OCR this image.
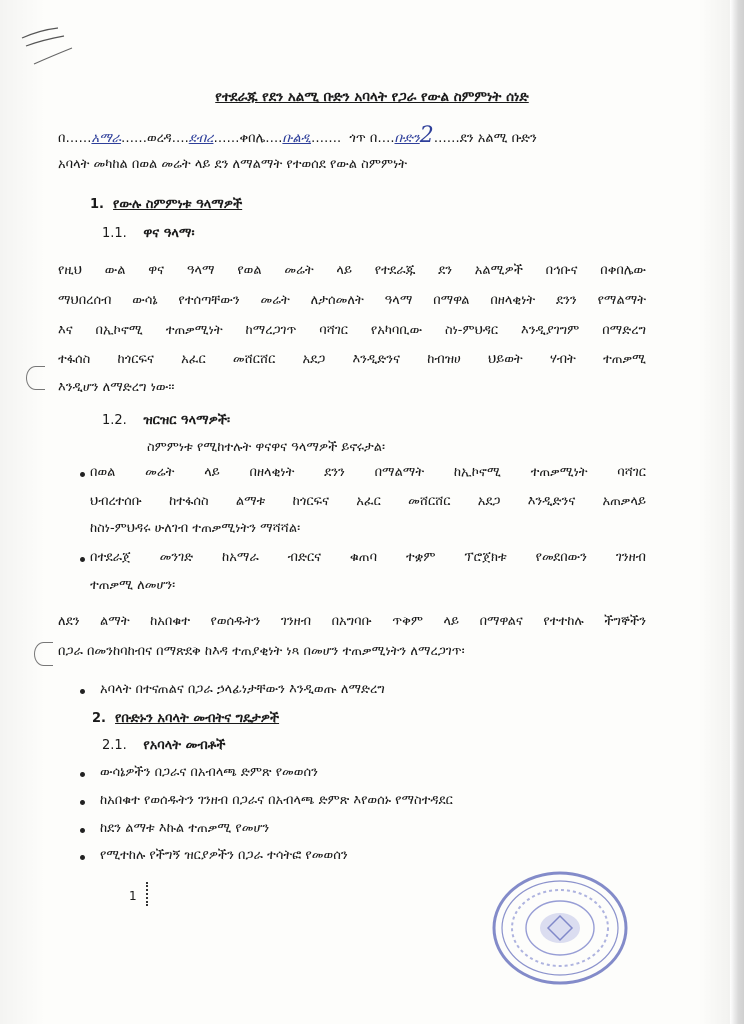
የተደራጁ የደን አልሚ ቡድን አባላት የጋራ የውል ስምምነት ሰነድ
በ……አማራ……ወረዳ….ደብረ……ቀበሌ….ቡልዲ…….  ጎጥ በ….ቡድን2……ደን አልሚ ቡድን
አባላት መካከል በወል መሬት ላይ ደን ለማልማት የተወሰደ የውል ስምምነት
1. የውሉ ስምምነቱ ዓላማዎች
1.1. ዋና ዓላማ፡
የዚህ ውል ዋና ዓላማ የወል መሬት ላይ የተደራጁ ደን አልሚዎች በኅቡና በቀበሌው
ማህበረሰብ ውሳኔ የተሰጣቸውን መሬት ለታሰመለት ዓላማ በማዋል በዘላቂነት ደንን የማልማት
እና በኢኮኖሚ ተጠቃሚነት ከማረጋገጥ ባሻገር የአካባቢው ስነ-ምህዳር እንዲያገግም በማድረግ
ተፋሰስ ከጎርፍና አፈር መሸርሸር አደጋ እንዲድንና ከብዝሀ ህይወት ሃብት ተጠቃሚ
እንዲሆን ለማድረግ ነው፡፡
1.2. ዝርዝር ዓላማዎች፡
ስምምነቱ የሚከተሉት ዋናዋና ዓላማዎች ይኖሩታል፡
በወል መሬት ላይ በዘላቂነት ደንን በማልማት ከኢኮኖሚ ተጠቃሚነት ባሻገር
ህብረተሰቡ ከተፋሰስ ልማቱ ከጎርፍና አፈር መሸርሸር አደጋ እንዲድንና አጠቃላይ
ከስነ-ምህዳሩ ሁለገብ ተጠቃሚነትን ማሻሻል፡
በተደራጀ መንገድ ከአማራ ብድርና ቁጠባ ተቋም ፕሮጀክቱ የመደበውን ገንዘብ
ተጠቃሚ ለመሆን፡
ለደን ልማት ከአበቁተ የወሰዱትን ገንዘብ በአግባቡ ጥቅም ላይ በማዋልና የተተከሉ ችግኞችን
በጋራ በመንከባከብና በማጽደቅ ከእዳ ተጠያቂነት ነጻ በመሆን ተጠቃሚነትን ለማረጋገጥ፡
አባላት በተናጠልና በጋራ ኃላፊነታቸውን እንዲወጡ ለማድረግ
2. የቡድኑን አባላት መብትና ግዴታዎች
2.1. የአባላት መብቶች
ውሳኔዎችን በጋራና በአብላጫ ድምጽ የመወሰን
ከአበቁተ የወሰዱትን ገንዘብ በጋራና በአብላጫ ድምጽ እየወሰኑ የማስተዳደር
ከደን ልማቱ እኩል ተጠቃሚ የመሆን
የሚተከሉ የችግኝ ዝርያዎችን በጋራ ተሳትፎ የመወሰን
1
